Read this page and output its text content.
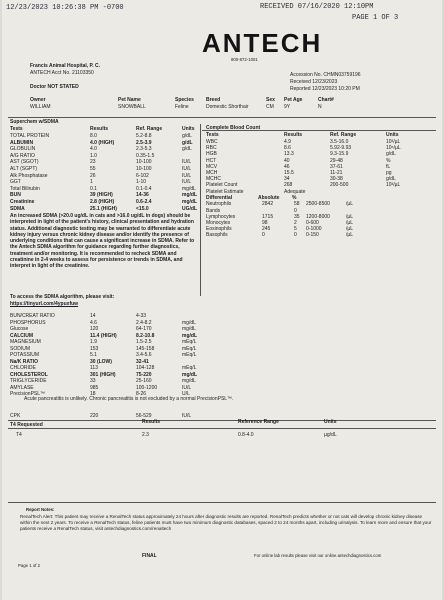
12/23/2023 10:26:38 PM -0700	RECEIVED 07/16/2020 12:10PM
PAGE 1 OF 3
ANTECH
800-872-1001
Francis Animal Hospital, P. C.
ANTECH Acct No. 21103350
Doctor NOT STATED
Accession No. CHMN03759196
Received 12/23/2023
Reported 12/23/2023 10:20 PM
Owner
WILLIAM
Pet Name
SNOWBALL
Species
Feline
Breed
Domestic Shorthair
Sex
CM
Pet Age
9Y
Chart#
N
Superchem w/SDMA
Complete Blood Count
Tests	Results	Ref. Range	Units
TOTAL PROTEIN	8.0	5.2-8.8	g/dL
ALBUMIN	4.0 (HIGH)	2.5-3.9	g/dL
GLOBULIN	4.0	2.3-5.3	g/dL
A/G RATIO	1.0	0.35-1.5
AST (SGOT)	23	10-100	IU/L
ALT (SGPT)	55	10-100	IU/L
Alk Phosphatase	26	6-102	IU/L
GGT	1	1-10	IU/L
Total Bilirubin	0.1	0.1-0.4	mg/dL
BUN	39 (HIGH)	14-36	mg/dL
Creatinine	2.8 (HIGH)	0.6-2.4	mg/dL
SDMA	25.1 (HIGH)	<15.0	UG/dL
Tests	Results	Ref. Range	Units
WBC	4.9	3.5-16.0	10³/µL
RBC	8.6	5.92-9.93	10⁶/µL
HGB	13.3	9.3-15.9	g/dL
HCT	40	29-48	%
MCV	46	37-61	fL
MCH	15.5	11-21	pg
MCHC	34	30-38	g/dL
Platelet Count	268	200-500	10³/µL
Platelet Estimate	Adequate
Differential	Absolute	%
Neutrophils	2842	58 2500-8500	/µL
Bands	0
Lymphocytes	1715	35 1200-8000	/µL
Monocytes	98	2 0-600	/µL
Eosinophils	245	5 0-1000	/µL
Basophils	0	0 0-150	/µL
An increased SDMA (>20.0 ug/dL in cats and >16.0 ug/dL in dogs) should be interpreted in light of the patient's history, clinical presentation and hydration status. Additional diagnostic testing may be warranted to differentiate acute kidney injury versus chronic kidney disease and/or identify the presence of underlying conditions that can cause a significant increase in SDMA. Refer to the Antech SDMA algorithm for guidance regarding further diagnostics, treatment and/or monitoring. It is recommended to recheck SDMA and creatinine in 2-4 weeks to assess for persistence or trends in SDMA, and interpret in light of the creatinine.
To access the SDMA algorithm, please visit:
https://tinyurl.com/4ypuxfuw
BUN/CREAT RATIO	14	4-33
PHOSPHORUS	4.6	2.4-8.2	mg/dL
Glucose	120	64-170	mg/dL
CALCIUM	11.4 (HIGH)	8.2-10.8	mg/dL
MAGNESIUM	1.9	1.5-2.5	mEq/L
SODIUM	153	145-158	mEq/L
POTASSIUM	5.1	3.4-5.6	mEq/L
Na/K RATIO	30 (LOW)	32-41
CHLORIDE	113	104-128	mEq/L
CHOLESTEROL	301 (HIGH)	75-220	mg/dL
TRIGLYCERIDE	33	25-160	mg/dL
AMYLASE	985	100-1200	IU/L
PrecisionPSL™	18	8-26	U/L
Acute pancreatitis is unlikely. Chronic pancreatitis is not excluded by a normal PrecisionPSL™.
CPK	220	56-529	IU/L
T4 Requested	Results	Reference Range	Units
T4	2.3	0.8-4.0	µg/dL
Report Notes:
RenalTech Alert: This patient may receive a RenalTech status approximately 24 hours after diagnostic results are reported. RenalTech predicts whether or not cats will develop chronic kidney disease within the next 2 years. To receive a RenalTech status, feline patients must have two minimum diagnostic databases, spaced 2 to 24 months apart, including urinalysis. To learn more and ensure that your patients receive a RenalTech status, visit antechdiagnostics.com/renaltech
FINAL	For online lab results please visit our online.antechdiagnostics.com
Page 1 of 2
